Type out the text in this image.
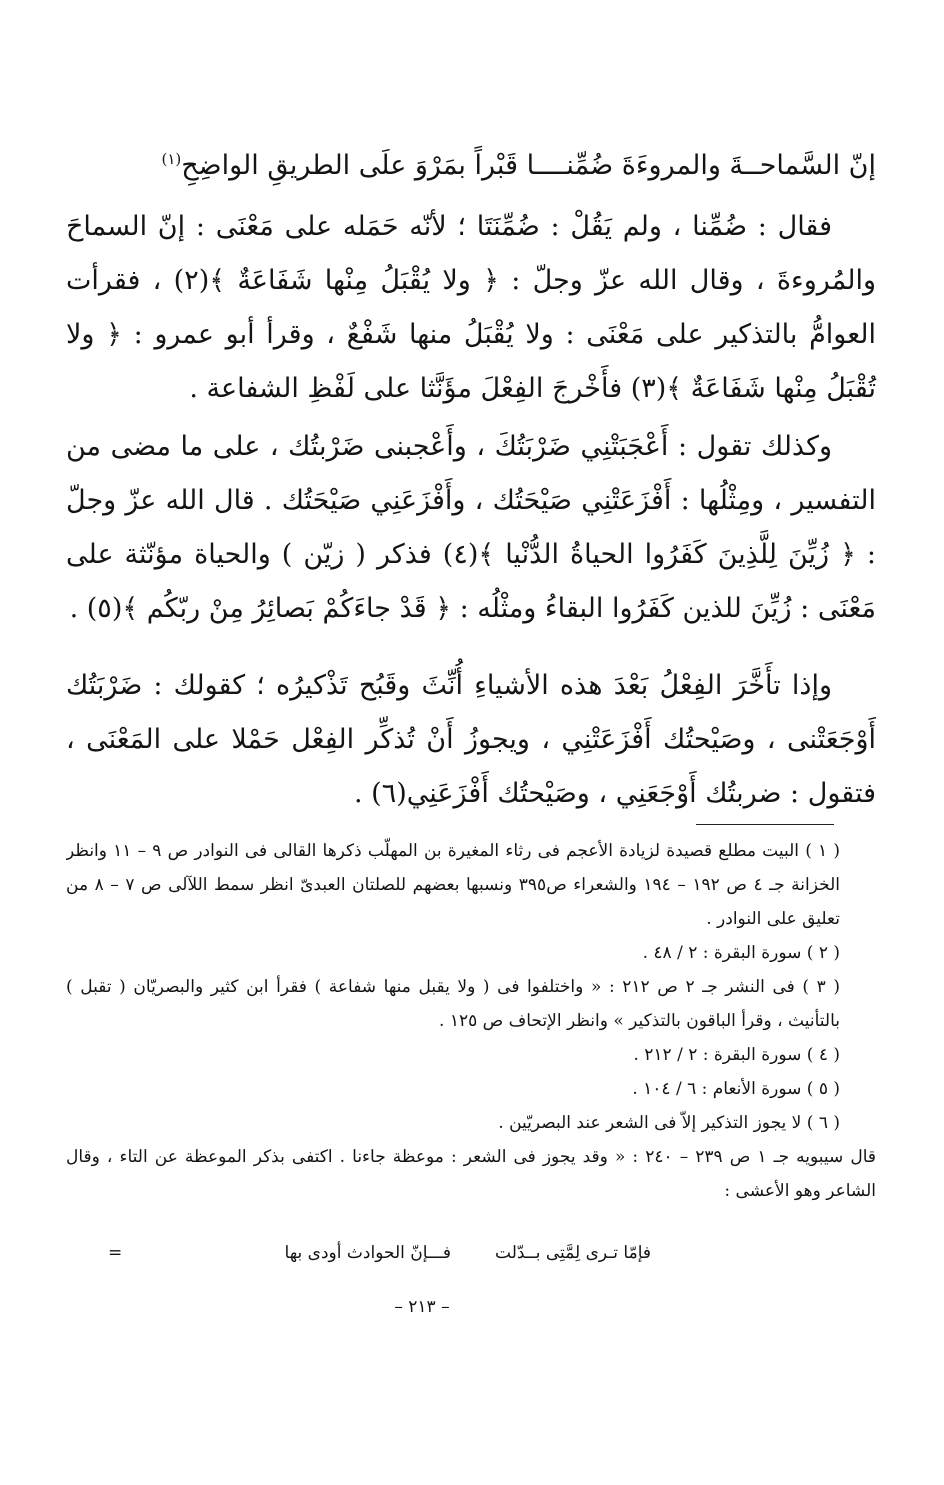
إنّ السَّماحــةَ والمروءَةَ ضُمِّنــــا قَبْراً بمَرْوَ علَى الطريقِ الواضِحِ$^{(١)}$
فقال : ضُمِّنا ، ولم يَقُلْ : ضُمِّنَتَا ؛ لأنّه حَمَله على مَعْنَى : إنّ السماحَ والمُروءةَ ، وقال الله عزّ وجلّ : ﴿ ولا يُقْبَلُ مِنْها شَفَاعَةٌ ﴾(٢) ، فقرأت العوامُّ بالتذكير على مَعْنَى : ولا يُقْبَلُ منها شَفْعٌ ، وقرأ أبو عمرو : ﴿ ولا تُقْبَلُ مِنْها شَفَاعَةٌ ﴾(٣) فأَخْرجَ الفِعْلَ مؤَنَّثا على لَفْظِ الشفاعة .
وكذلك تقول : أَعْجَبَتْنِي ضَرْبَتُكَ ، وأَعْجبنى ضَرْبتُك ، على ما مضى من التفسير ، ومِثْلُها : أَفْزَعَتْنِي صَيْحَتُك ، وأَفْزَعَنِي صَيْحَتُك . قال الله عزّ وجلّ : ﴿ زُيِّنَ لِلَّذِينَ كَفَرُوا الحياةُ الدُّنْيا ﴾(٤) فذكر ( زيّن ) والحياة مؤنّثة على مَعْنَى : زُيِّنَ للذين كَفَرُوا البقاءُ ومثْلُه : ﴿ قَدْ جاءَكُمْ بَصائِرُ مِنْ ربّكُم ﴾(٥) .
وإذا تأَخَّرَ الفِعْلُ بَعْدَ هذه الأشياءِ أُنِّثَ وقَبُح تَذْكيرُه ؛ كقولك : ضَرْبَتُك أَوْجَعَتْنى ، وصَيْحتُك أَفْزَعَتْنِي ، ويجوزُ أَنْ تُذكِّر الفِعْل حَمْلا على المَعْنَى ، فتقول : ضربتُك أَوْجَعَنِي ، وصَيْحتُك أَفْزَعَنِي(٦) .
( ١ ) البيت مطلع قصيدة لزيادة الأعجم فى رثاء المغيرة بن المهلّب ذكرها القالى فى النوادر ص ٩ – ١١ وانظر الخزانة جـ ٤ ص ١٩٢ – ١٩٤ والشعراء ص٣٩٥ ونسبها بعضهم للصلتان العبدىّ انظر سمط اللآلى ص ٧ – ٨ من تعليق على النوادر .
( ٢ ) سورة البقرة : ٢ / ٤٨ .
( ٣ ) فى النشر جـ ٢ ص ٢١٢ : « واختلفوا فى ( ولا يقبل منها شفاعة ) فقرأ ابن كثير والبصريّان ( تقبل ) بالتأنيث ، وقرأ الباقون بالتذكير » وانظر الإتحاف ص ١٢٥ .
( ٤ ) سورة البقرة : ٢ / ٢١٢ .
( ٥ ) سورة الأنعام : ٦ / ١٠٤ .
( ٦ ) لا يجوز التذكير إلاّ فى الشعر عند البصريّين .
قال سيبويه جـ ١ ص ٢٣٩ – ٢٤٠ : « وقد يجوز فى الشعر : موعظة جاءنا . اكتفى بذكر الموعظة عن التاء ، وقال الشاعر وهو الأعشى :
فإمّا تـرى لِمَّتِى بــدّلت
فـــإنّ الحوادث أودى بها
=
– ٢١٣ –
